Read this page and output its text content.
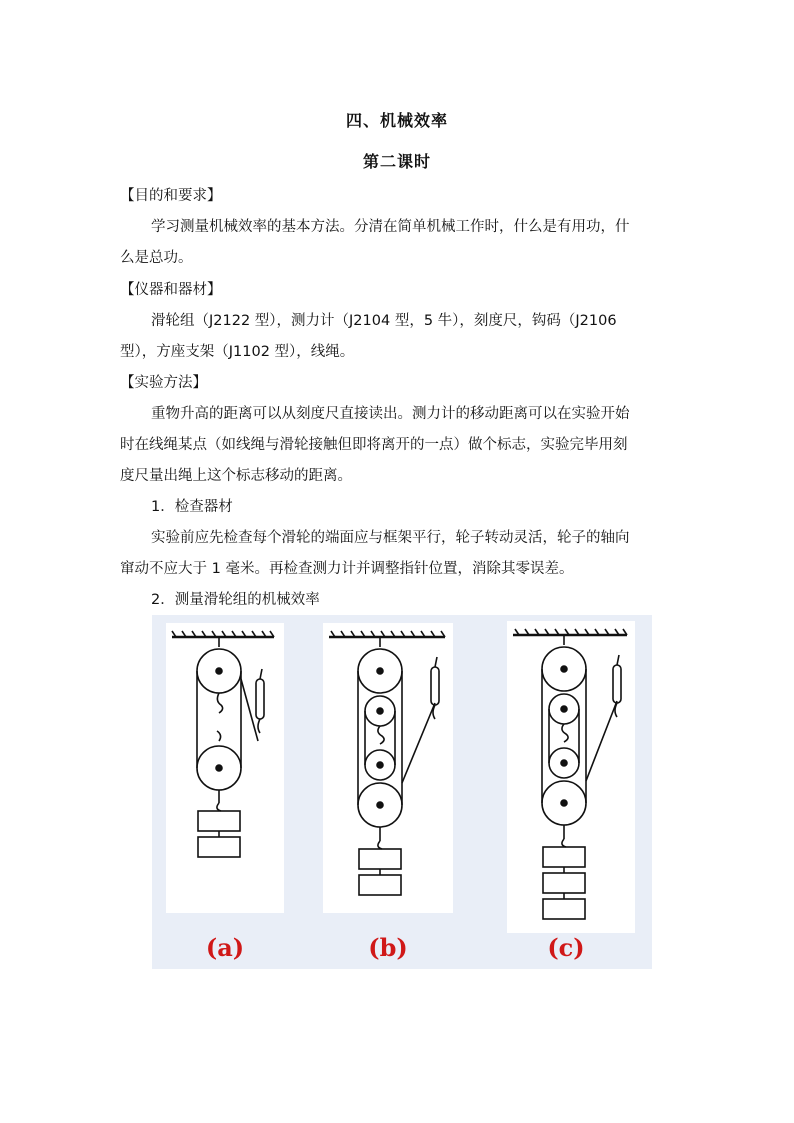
四、机械效率
第二课时
【目的和要求】
学习测量机械效率的基本方法。分清在简单机械工作时，什么是有用功，什
么是总功。
【仪器和器材】
滑轮组（J2122 型），测力计（J2104 型，5 牛），刻度尺，钩码（J2106
型），方座支架（J1102 型），线绳。
【实验方法】
重物升高的距离可以从刻度尺直接读出。测力计的移动距离可以在实验开始
时在线绳某点（如线绳与滑轮接触但即将离开的一点）做个标志，实验完毕用刻
度尺量出绳上这个标志移动的距离。
1．检查器材
实验前应先检查每个滑轮的端面应与框架平行，轮子转动灵活，轮子的轴向
窜动不应大于 1 毫米。再检查测力计并调整指针位置，消除其零误差。
2．测量滑轮组的机械效率
(a)	(b)	(c)
